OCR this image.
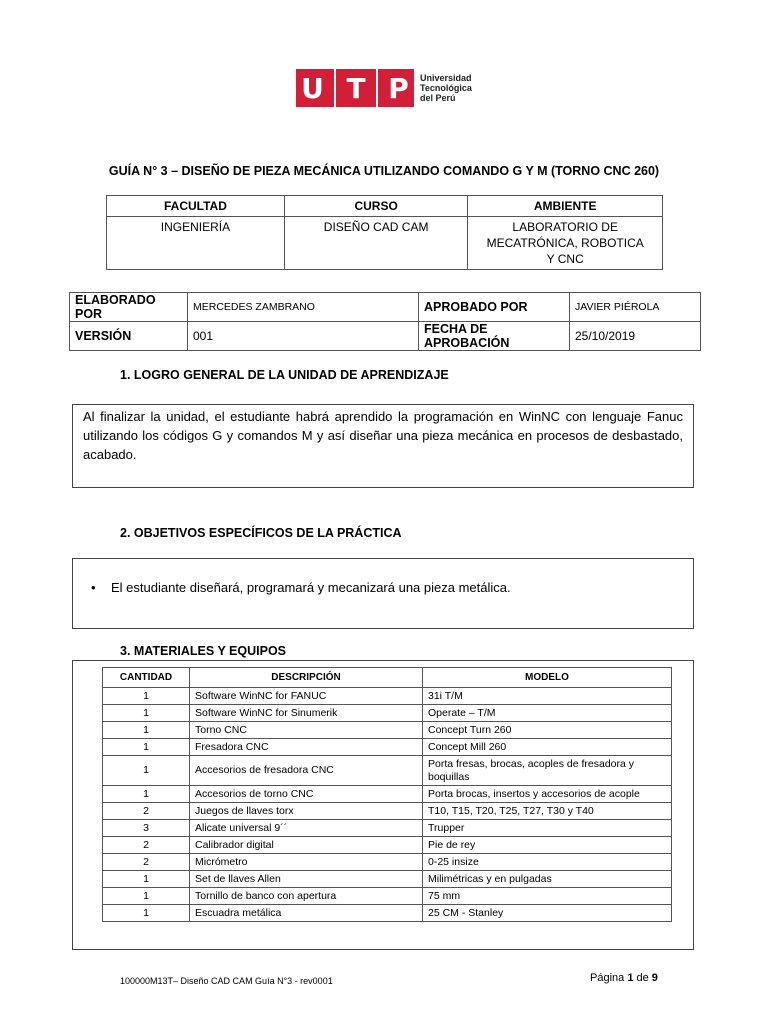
U T P Universidad
Tecnológica
del Perú
GUÍA N° 3 – DISEÑO DE PIEZA MECÁNICA UTILIZANDO COMANDO G Y M (TORNO CNC 260)
FACULTAD	CURSO	AMBIENTE
INGENIERÍA	DISEÑO CAD CAM	LABORATORIO DE MECATRÓNICA, ROBOTICA Y CNC
ELABORADO POR	MERCEDES ZAMBRANO	APROBADO POR	JAVIER PIÉROLA
VERSIÓN	001	FECHA DE APROBACIÓN	25/10/2019
1. LOGRO GENERAL DE LA UNIDAD DE APRENDIZAJE
Al finalizar la unidad, el estudiante habrá aprendido la programación en WinNC con lenguaje Fanuc utilizando los códigos G y comandos M y así diseñar una pieza mecánica en procesos de desbastado, acabado.
2. OBJETIVOS ESPECÍFICOS DE LA PRÁCTICA
•	El estudiante diseñará, programará y mecanizará una pieza metálica.
3. MATERIALES Y EQUIPOS
CANTIDAD	DESCRIPCIÓN	MODELO
1	Software WinNC for FANUC	31i T/M
1	Software WinNC for Sinumerik	Operate – T/M
1	Torno CNC	Concept Turn 260
1	Fresadora CNC	Concept Mill 260
1	Accesorios de fresadora CNC	Porta fresas, brocas, acoples de fresadora y boquillas
1	Accesorios de torno CNC	Porta brocas, insertos y accesorios de acople
2	Juegos de llaves torx	T10, T15, T20, T25, T27, T30 y T40
3	Alicate universal 9´´	Trupper
2	Calibrador digital	Pie de rey
2	Micrómetro	0-25 insize
1	Set de llaves Allen	Milimétricas y en pulgadas
1	Tornillo de banco con apertura	75 mm
1	Escuadra metálica	25 CM - Stanley
100000M13T– Diseño CAD CAM Guía N°3 - rev0001	Página 1 de 9
